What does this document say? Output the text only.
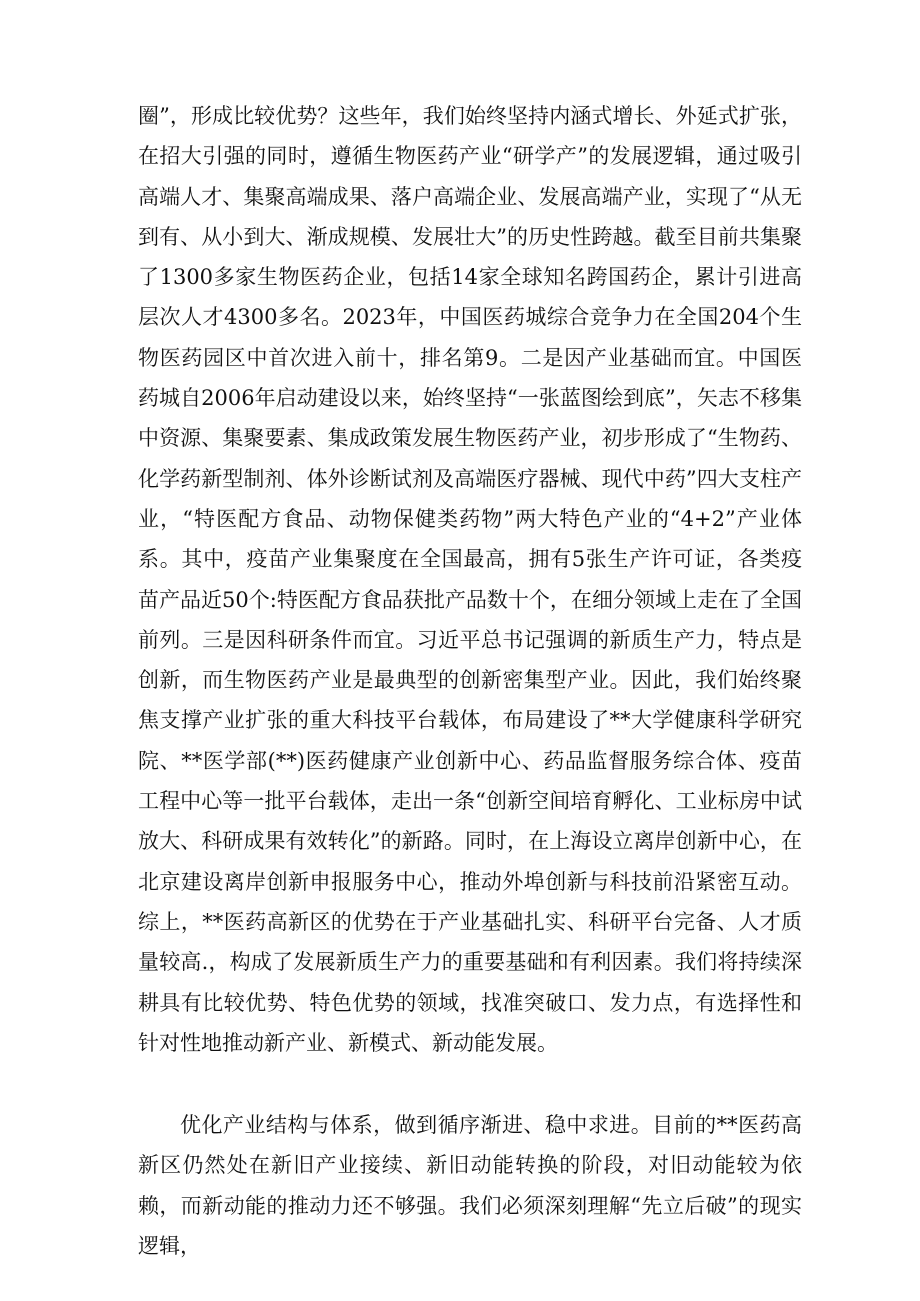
圈”，形成比较优势？这些年，我们始终坚持内涵式增长、外延式扩张，在招大引强的同时，遵循生物医药产业“研学产”的发展逻辑，通过吸引高端人才、集聚高端成果、落户高端企业、发展高端产业，实现了“从无到有、从小到大、渐成规模、发展壮大”的历史性跨越。截至目前共集聚了1300多家生物医药企业，包括14家全球知名跨国药企，累计引进高层次人才4300多名。2023年，中国医药城综合竞争力在全国204个生物医药园区中首次进入前十，排名第9。二是因产业基础而宜。中国医药城自2006年启动建设以来，始终坚持“一张蓝图绘到底”，矢志不移集中资源、集聚要素、集成政策发展生物医药产业，初步形成了“生物药、化学药新型制剂、体外诊断试剂及高端医疗器械、现代中药”四大支柱产业，“特医配方食品、动物保健类药物”两大特色产业的“4+2”产业体系。其中，疫苗产业集聚度在全国最高，拥有5张生产许可证，各类疫苗产品近50个:特医配方食品获批产品数十个，在细分领域上走在了全国前列。三是因科研条件而宜。习近平总书记强调的新质生产力，特点是创新，而生物医药产业是最典型的创新密集型产业。因此，我们始终聚焦支撑产业扩张的重大科技平台载体，布局建设了**大学健康科学研究院、**医学部(**)医药健康产业创新中心、药品监督服务综合体、疫苗工程中心等一批平台载体，走出一条“创新空间培育孵化、工业标房中试放大、科研成果有效转化”的新路。同时，在上海设立离岸创新中心，在北京建设离岸创新申报服务中心，推动外埠创新与科技前沿紧密互动。综上，**医药高新区的优势在于产业基础扎实、科研平台完备、人才质量较高.，构成了发展新质生产力的重要基础和有利因素。我们将持续深耕具有比较优势、特色优势的领域，找准突破口、发力点，有选择性和针对性地推动新产业、新模式、新动能发展。

优化产业结构与体系，做到循序渐进、稳中求进。目前的**医药高新区仍然处在新旧产业接续、新旧动能转换的阶段，对旧动能较为依赖，而新动能的推动力还不够强。我们必须深刻理解“先立后破”的现实逻辑，
